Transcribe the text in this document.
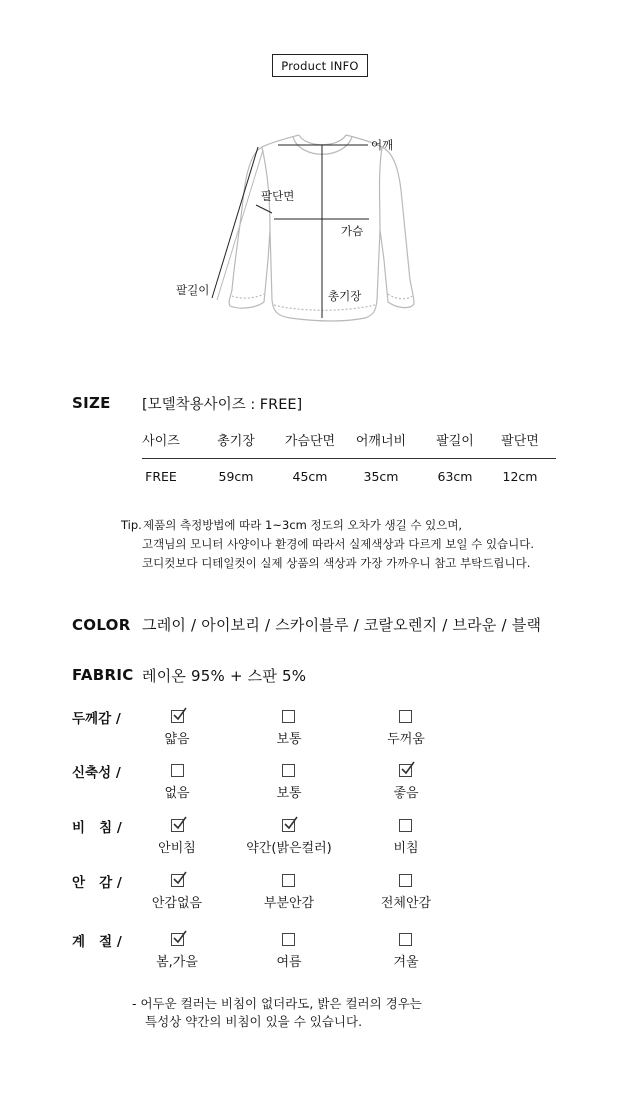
Product INFO
어깨
팔단면
가슴
팔길이	총기장
SIZE [모델착용사이즈 : FREE]
사이즈	총기장	가슴단면	어깨너비	팔길이	팔단면
FREE	59cm	45cm	35cm	63cm	12cm
Tip. 제품의 측정방법에 따라 1~3cm 정도의 오차가 생길 수 있으며,
고객님의 모니터 사양이나 환경에 따라서 실제색상과 다르게 보일 수 있습니다.
코디컷보다 디테일컷이 실제 상품의 색상과 가장 가까우니 참고 부탁드립니다.
COLOR 그레이 / 아이보리 / 스카이블루 / 코랄오렌지 / 브라운 / 블랙
FABRIC 레이온 95% + 스판 5%
두께감 /
얇음	보통	두꺼움
신축성 /
없음	보통	좋음
비   침 /
안비침	약간(밝은컬러)	비침
안   감 /
안감없음	부분안감	전체안감
계   절 /
봄,가을	여름	겨울
- 어두운 컬러는 비침이 없더라도, 밝은 컬러의 경우는
특성상 약간의 비침이 있을 수 있습니다.
